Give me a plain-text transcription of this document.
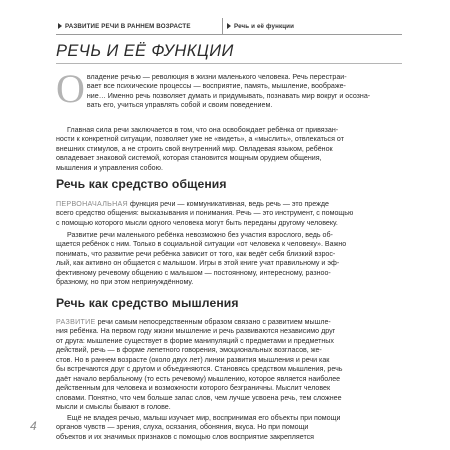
РАЗВИТИЕ РЕЧИ В РАННЕМ ВОЗРАСТЕ	Речь и её функции
РЕЧЬ И ЕЁ ФУНКЦИИ
О владение речью — революция в жизни маленького человека. Речь перестраи-
вает все психические процессы — восприятие, память, мышление, воображе-
ние… Именно речь позволяет думать и придумывать, познавать мир вокруг и осозна-
вать его, учиться управлять собой и своим поведением.
Главная сила речи заключается в том, что она освобождает ребёнка от привязан-
ности к конкретной ситуации, позволяет уже не «видеть», а «мыслить», отвлекаться от
внешних стимулов, а не строить свой внутренний мир. Овладевая языком, ребёнок
овладевает знаковой системой, которая становится мощным орудием общения,
мышления и управления собою.
Речь как средство общения
ПЕРВОНАЧАЛЬНАЯ функция речи — коммуникативная, ведь речь — это прежде
всего средство общения: высказывания и понимания. Речь — это инструмент, с помощью
с помощью которого мысли одного человека могут быть переданы другому человеку.
Развитие речи маленького ребёнка невозможно без участия взрослого, ведь об-
щается ребёнок с ним. Только в социальной ситуации «от человека к человеку». Важно
понимать, что развитие речи ребёнка зависит от того, как ведёт себя близкий взрос-
лый, как активно он общается с малышом. Игры в этой книге учат правильному и эф-
фективному речевому общению с малышом — постоянному, интересному, разноо-
бразному, но при этом непринуждённому.
Речь как средство мышления
РАЗВИТИЕ речи самым непосредственным образом связано с развитием мышле-
ния ребёнка. На первом году жизни мышление и речь развиваются независимо друг
от друга: мышление существует в форме манипуляций с предметами и предметных
действий, речь — в форме лепетного говорения, эмоциональных возгласов, же-
стов. Но в раннем возрасте (около двух лет) линии развития мышления и речи как
бы встречаются друг с другом и объединяются. Становясь средством мышления, речь
даёт начало вербальному (то есть речевому) мышлению, которое является наиболее
действенным для человека и возможности которого безграничны. Мыслит человек
словами. Понятно, что чем больше запас слов, чем лучше усвоена речь, тем сложнее
мысли и смыслы бывают в голове.
Ещё не владея речью, малыш изучает мир, воспринимая его объекты при помощи
органов чувств — зрения, слуха, осязания, обоняния, вкуса. Но при помощи
объектов и их значимых признаков с помощью слов восприятие закрепляется
4
